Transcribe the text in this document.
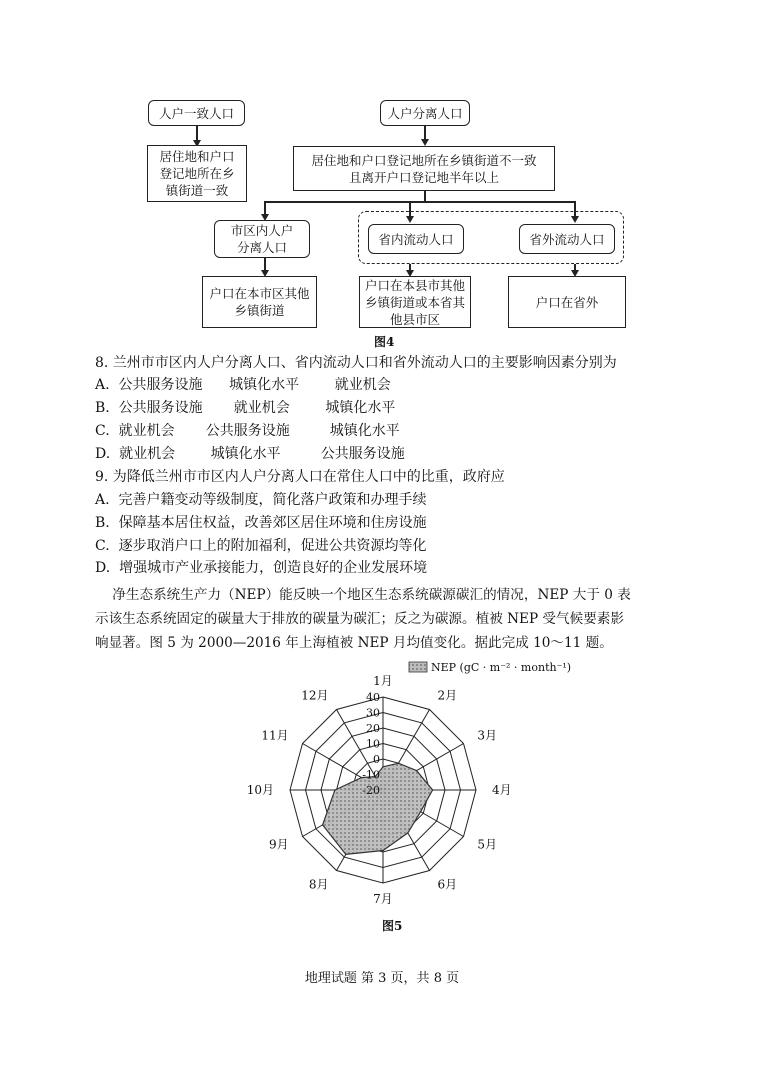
人户一致人口	人户分离人口
居住地和户口
登记地所在乡
镇街道一致
居住地和户口登记地所在乡镇街道不一致
且离开户口登记地半年以上
市区内人户
分离人口
省内流动人口	省外流动人口
户口在本市区其他
乡镇街道
户口在本县市其他
乡镇街道或本省其
他县市区
户口在省外
图4
8. 兰州市市区内人户分离人口、省内流动人口和省外流动人口的主要影响因素分别为
A.  公共服务设施      城镇化水平        就业机会
B.  公共服务设施       就业机会        城镇化水平
C.  就业机会       公共服务设施         城镇化水平
D.  就业机会        城镇化水平         公共服务设施
9. 为降低兰州市市区内人户分离人口在常住人口中的比重，政府应
A.  完善户籍变动等级制度，简化落户政策和办理手续
B.  保障基本居住权益，改善郊区居住环境和住房设施
C.  逐步取消户口上的附加福利，促进公共资源均等化
D.  增强城市产业承接能力，创造良好的企业发展环境
净生态系统生产力（NEP）能反映一个地区生态系统碳源碳汇的情况，NEP 大于 0 表
示该生态系统固定的碳量大于排放的碳量为碳汇；反之为碳源。植被 NEP 受气候要素影
响显著。图 5 为 2000—2016 年上海植被 NEP 月均值变化。据此完成 10～11 题。
40
30
20
10
0
-10
-20
1月
2月
3月
4月
5月
6月
7月
8月
9月
10月
11月
12月
NEP (gC · m⁻² · month⁻¹)
图5
地理试题 第 3 页，共 8 页
